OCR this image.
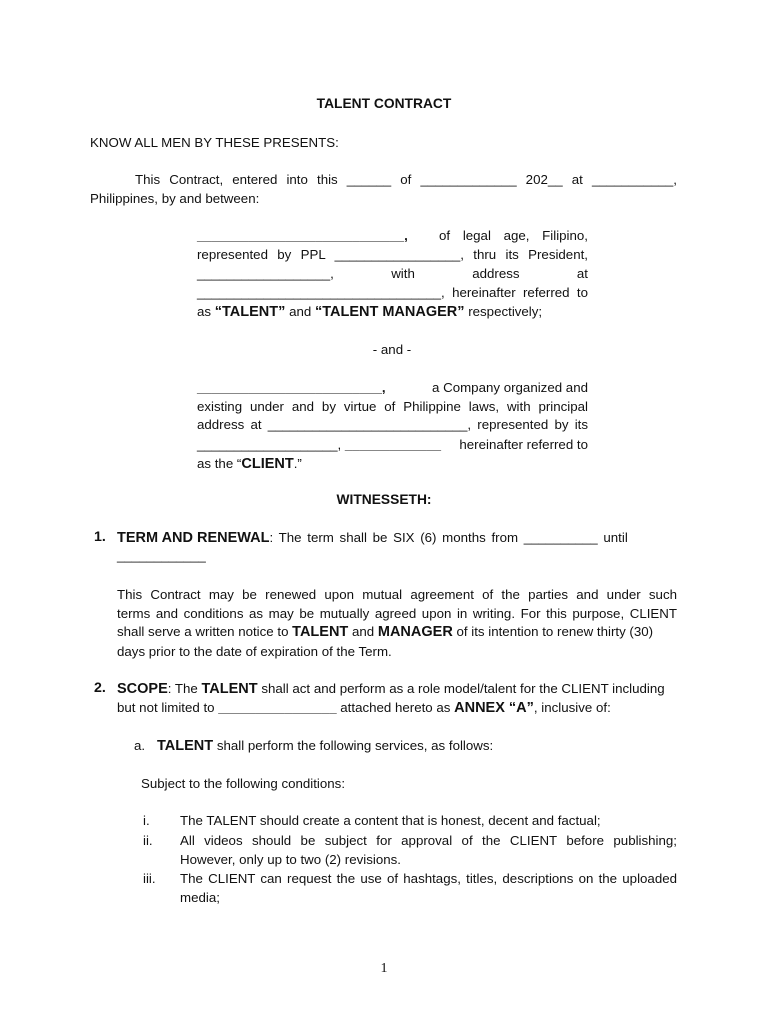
TALENT CONTRACT
KNOW ALL MEN BY THESE PRESENTS:
This Contract, entered into this ______ of _____________ 202__ at ___________,
Philippines, by and between:
____________________________, of legal age, Filipino,
represented by PPL _________________, thru its President,
__________________, with address at
_________________________________, hereinafter referred to
as “TALENT” and “TALENT MANAGER” respectively;
- and -
_________________________,	a Company organized and
existing under and by virtue of Philippine laws, with principal
address at ___________________________, represented by its
___________________, _____________ hereinafter referred to
as the “CLIENT.”
WITNESSETH:
1. TERM AND RENEWAL: The term shall be SIX (6) months from __________ until
____________
This Contract may be renewed upon mutual agreement of the parties and under such
terms and conditions as may be mutually agreed upon in writing. For this purpose, CLIENT
shall serve a written notice to TALENT and MANAGER of its intention to renew thirty (30)
days prior to the date of expiration of the Term.
2. SCOPE: The TALENT shall act and perform as a role model/talent for the CLIENT including
but not limited to ________________ attached hereto as ANNEX “A”, inclusive of:
a. TALENT shall perform the following services, as follows:
Subject to the following conditions:
i. The TALENT should create a content that is honest, decent and factual;
ii. All videos should be subject for approval of the CLIENT before publishing;
However, only up to two (2) revisions.
iii. The CLIENT can request the use of hashtags, titles, descriptions on the uploaded
media;
1
